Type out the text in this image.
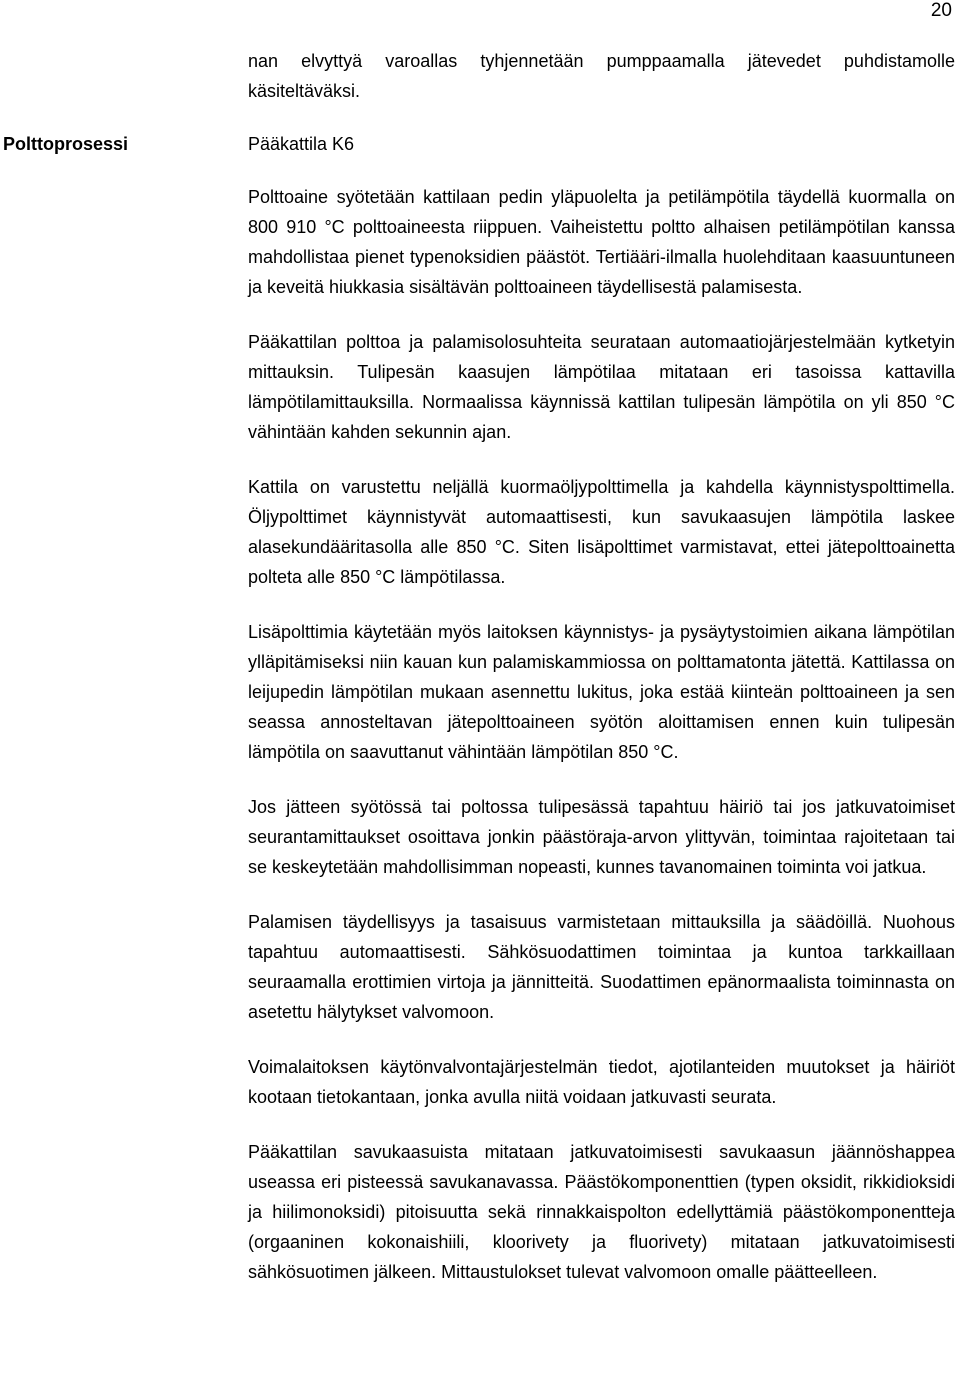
20
Polttoprosessi

nan elvyttyä varoallas tyhjennetään pumppaamalla jätevedet puhdistamolle käsiteltäväksi.

Pääkattila K6

Polttoaine syötetään kattilaan pedin yläpuolelta ja petilämpötila täydellä kuormalla on 800 910 °C polttoaineesta riippuen. Vaiheistettu poltto alhaisen petilämpötilan kanssa mahdollistaa pienet typenoksidien päästöt. Tertiääri-ilmalla huolehditaan kaasuuntuneen ja keveitä hiukkasia sisältävän polttoaineen täydellisestä palamisesta.

Pääkattilan polttoa ja palamisolosuhteita seurataan automaatiojärjestelmään kytketyin mittauksin. Tulipesän kaasujen lämpötilaa mitataan eri tasoissa kattavilla lämpötilamittauksilla. Normaalissa käynnissä kattilan tulipesän lämpötila on yli 850 °C vähintään kahden sekunnin ajan.

Kattila on varustettu neljällä kuormaöljypolttimella ja kahdella käynnistyspolttimella. Öljypolttimet käynnistyvät automaattisesti, kun savukaasujen lämpötila laskee alasekundääritasolla alle 850 °C. Siten lisäpolttimet varmistavat, ettei jätepolttoainetta polteta alle 850 °C lämpötilassa.

Lisäpolttimia käytetään myös laitoksen käynnistys- ja pysäytystoimien aikana lämpötilan ylläpitämiseksi niin kauan kun palamiskammiossa on polttamatonta jätettä. Kattilassa on leijupedin lämpötilan mukaan asennettu lukitus, joka estää kiinteän polttoaineen ja sen seassa annosteltavan jätepolttoaineen syötön aloittamisen ennen kuin tulipesän lämpötila on saavuttanut vähintään lämpötilan 850 °C.

Jos jätteen syötössä tai poltossa tulipesässä tapahtuu häiriö tai jos jatkuvatoimiset seurantamittaukset osoittava jonkin päästöraja-arvon ylittyvän, toimintaa rajoitetaan tai se keskeytetään mahdollisimman nopeasti, kunnes tavanomainen toiminta voi jatkua.

Palamisen täydellisyys ja tasaisuus varmistetaan mittauksilla ja säädöillä. Nuohous tapahtuu automaattisesti. Sähkösuodattimen toimintaa ja kuntoa tarkkaillaan seuraamalla erottimien virtoja ja jännitteitä. Suodattimen epänormaalista toiminnasta on asetettu hälytykset valvomoon.

Voimalaitoksen käytönvalvontajärjestelmän tiedot, ajotilanteiden muutokset ja häiriöt kootaan tietokantaan, jonka avulla niitä voidaan jatkuvasti seurata.

Pääkattilan savukaasuista mitataan jatkuvatoimisesti savukaasun jäännöshappea useassa eri pisteessä savukanavassa. Päästökomponenttien (typen oksidit, rikkidioksidi ja hiilimonoksidi) pitoisuutta sekä rinnakkaispolton edellyttämiä päästökomponentteja (orgaaninen kokonaishiili, kloorivety ja fluorivety) mitataan jatkuvatoimisesti sähkösuotimen jälkeen. Mittaustulokset tulevat valvomoon omalle päätteelleen.
